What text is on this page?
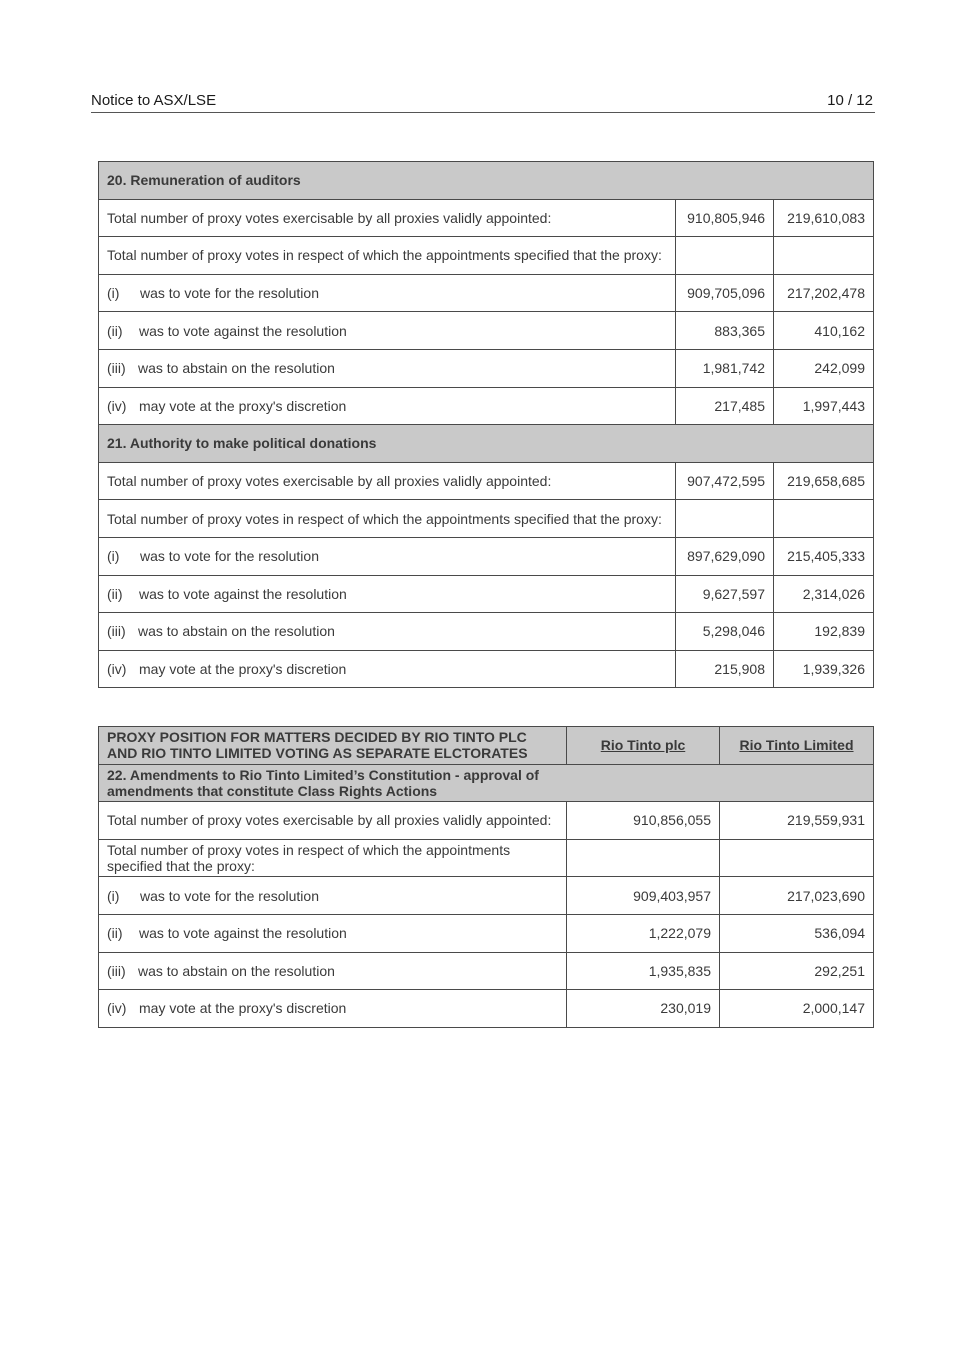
Notice to ASX/LSE	10 / 12
20. Remuneration of auditors		
Total number of proxy votes exercisable by all proxies validly appointed:	910,805,946	219,610,083
Total number of proxy votes in respect of which the appointments specified that the proxy:		
(i) was to vote for the resolution	909,705,096	217,202,478
(ii) was to vote against the resolution	883,365	410,162
(iii) was to abstain on the resolution	1,981,742	242,099
(iv) may vote at the proxy's discretion	217,485	1,997,443
21. Authority to make political donations		
Total number of proxy votes exercisable by all proxies validly appointed:	907,472,595	219,658,685
Total number of proxy votes in respect of which the appointments specified that the proxy:		
(i) was to vote for the resolution	897,629,090	215,405,333
(ii) was to vote against the resolution	9,627,597	2,314,026
(iii) was to abstain on the resolution	5,298,046	192,839
(iv) may vote at the proxy's discretion	215,908	1,939,326
PROXY POSITION FOR MATTERS DECIDED BY RIO TINTO PLC AND RIO TINTO LIMITED VOTING AS SEPARATE ELCTORATES	Rio Tinto plc	Rio Tinto Limited
22. Amendments to Rio Tinto Limited’s Constitution - approval of amendments that constitute Class Rights Actions		
Total number of proxy votes exercisable by all proxies validly appointed:	910,856,055	219,559,931
Total number of proxy votes in respect of which the appointments specified that the proxy:		
(i) was to vote for the resolution	909,403,957	217,023,690
(ii) was to vote against the resolution	1,222,079	536,094
(iii) was to abstain on the resolution	1,935,835	292,251
(iv) may vote at the proxy's discretion	230,019	2,000,147
